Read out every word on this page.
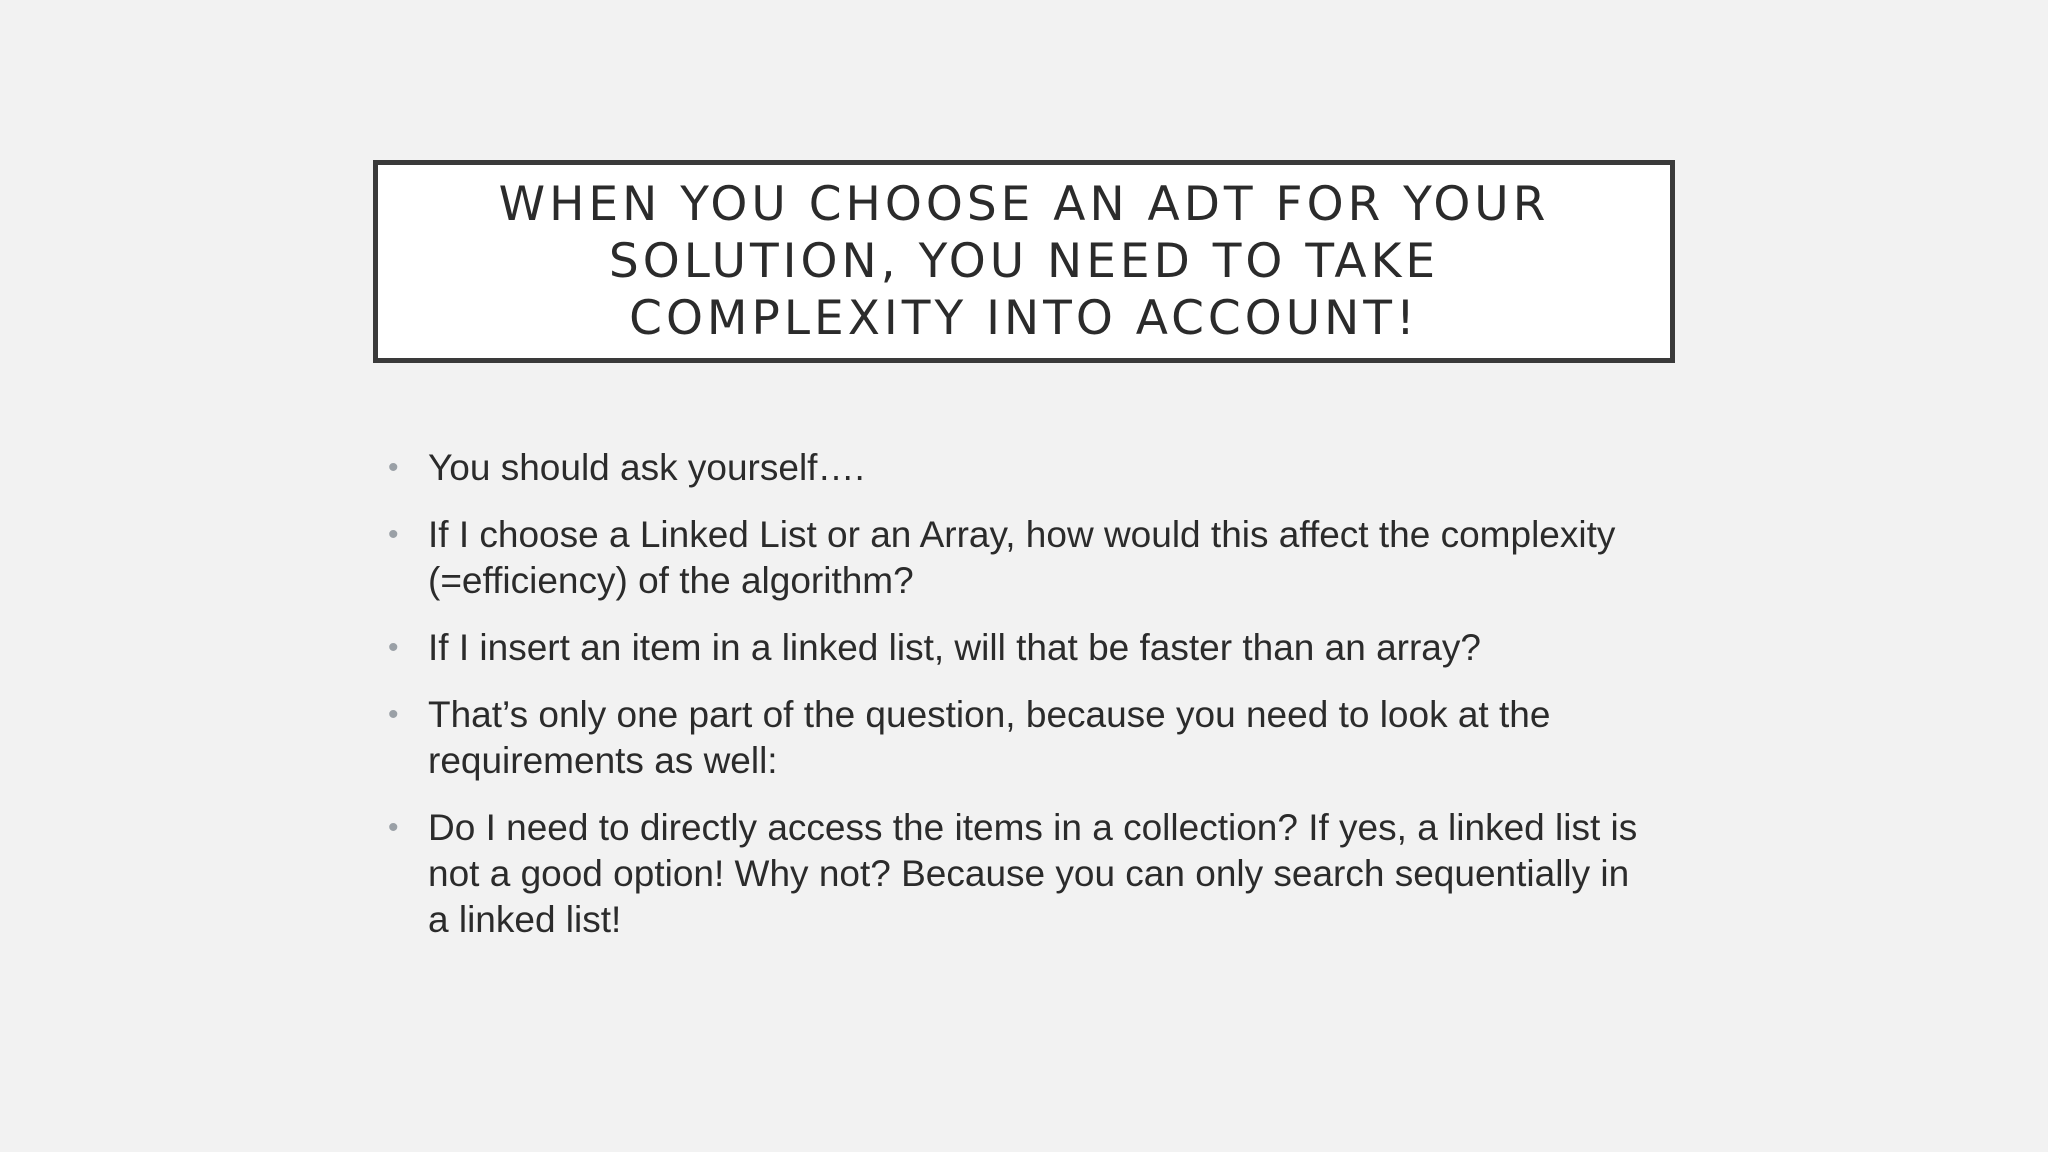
WHEN YOU CHOOSE AN ADT FOR YOUR SOLUTION, YOU NEED TO TAKE COMPLEXITY INTO ACCOUNT!
• You should ask yourself….
• If I choose a Linked List or an Array, how would this affect the complexity (=efficiency) of the algorithm?
• If I insert an item in a linked list, will that be faster than an array?
• That’s only one part of the question, because you need to look at the requirements as well:
• Do I need to directly access the items in a collection? If yes, a linked list is not a good option! Why not? Because you can only search sequentially in a linked list!
